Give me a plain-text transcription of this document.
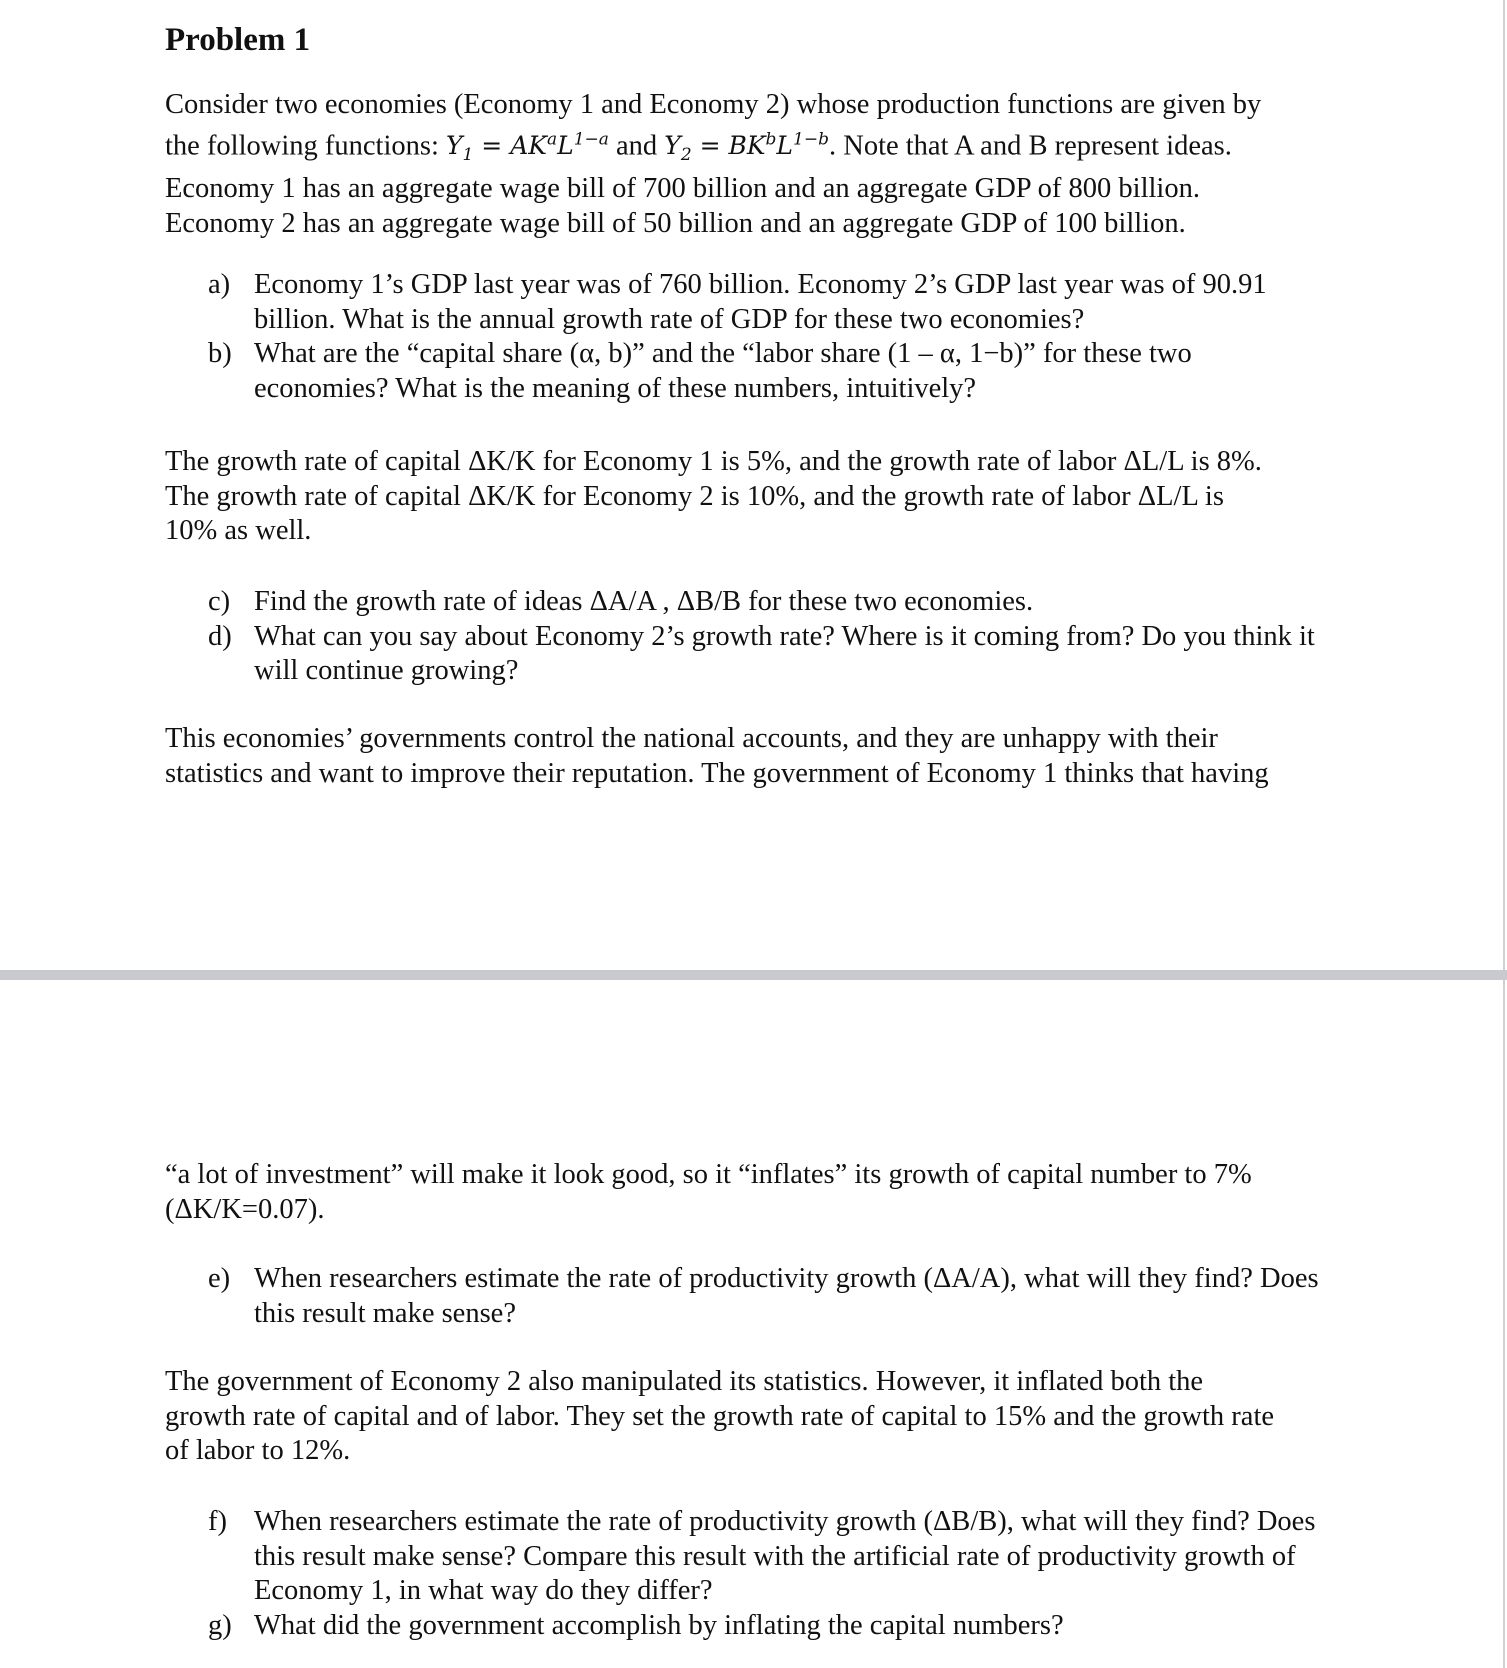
Problem 1

Consider two economies (Economy 1 and Economy 2) whose production functions are given by

the following functions: $Y_1 = AK^aL^{1-a}$ and $Y_2 = BK^bL^{1-b}$. Note that A and B represent ideas.

Economy 1 has an aggregate wage bill of 700 billion and an aggregate GDP of 800 billion.

Economy 2 has an aggregate wage bill of 50 billion and an aggregate GDP of 100 billion.

a) Economy 1’s GDP last year was of 760 billion. Economy 2’s GDP last year was of 90.91 billion. What is the annual growth rate of GDP for these two economies?
b) What are the “capital share (α, b)” and the “labor share (1 – α, 1−b)” for these two economies? What is the meaning of these numbers, intuitively?

The growth rate of capital ΔK/K for Economy 1 is 5%, and the growth rate of labor ΔL/L is 8%.

The growth rate of capital ΔK/K for Economy 2 is 10%, and the growth rate of labor ΔL/L is

10% as well.

c) Find the growth rate of ideas ΔA/A , ΔB/B for these two economies.
d) What can you say about Economy 2’s growth rate? Where is it coming from? Do you think it will continue growing?

This economies’ governments control the national accounts, and they are unhappy with their

statistics and want to improve their reputation. The government of Economy 1 thinks that having

“a lot of investment” will make it look good, so it “inflates” its growth of capital number to 7%

(ΔK/K=0.07).

e) When researchers estimate the rate of productivity growth (ΔA/A), what will they find? Does this result make sense?

The government of Economy 2 also manipulated its statistics. However, it inflated both the

growth rate of capital and of labor. They set the growth rate of capital to 15% and the growth rate

of labor to 12%.

f) When researchers estimate the rate of productivity growth (ΔB/B), what will they find? Does this result make sense? Compare this result with the artificial rate of productivity growth of Economy 1, in what way do they differ?
g) What did the government accomplish by inflating the capital numbers?
